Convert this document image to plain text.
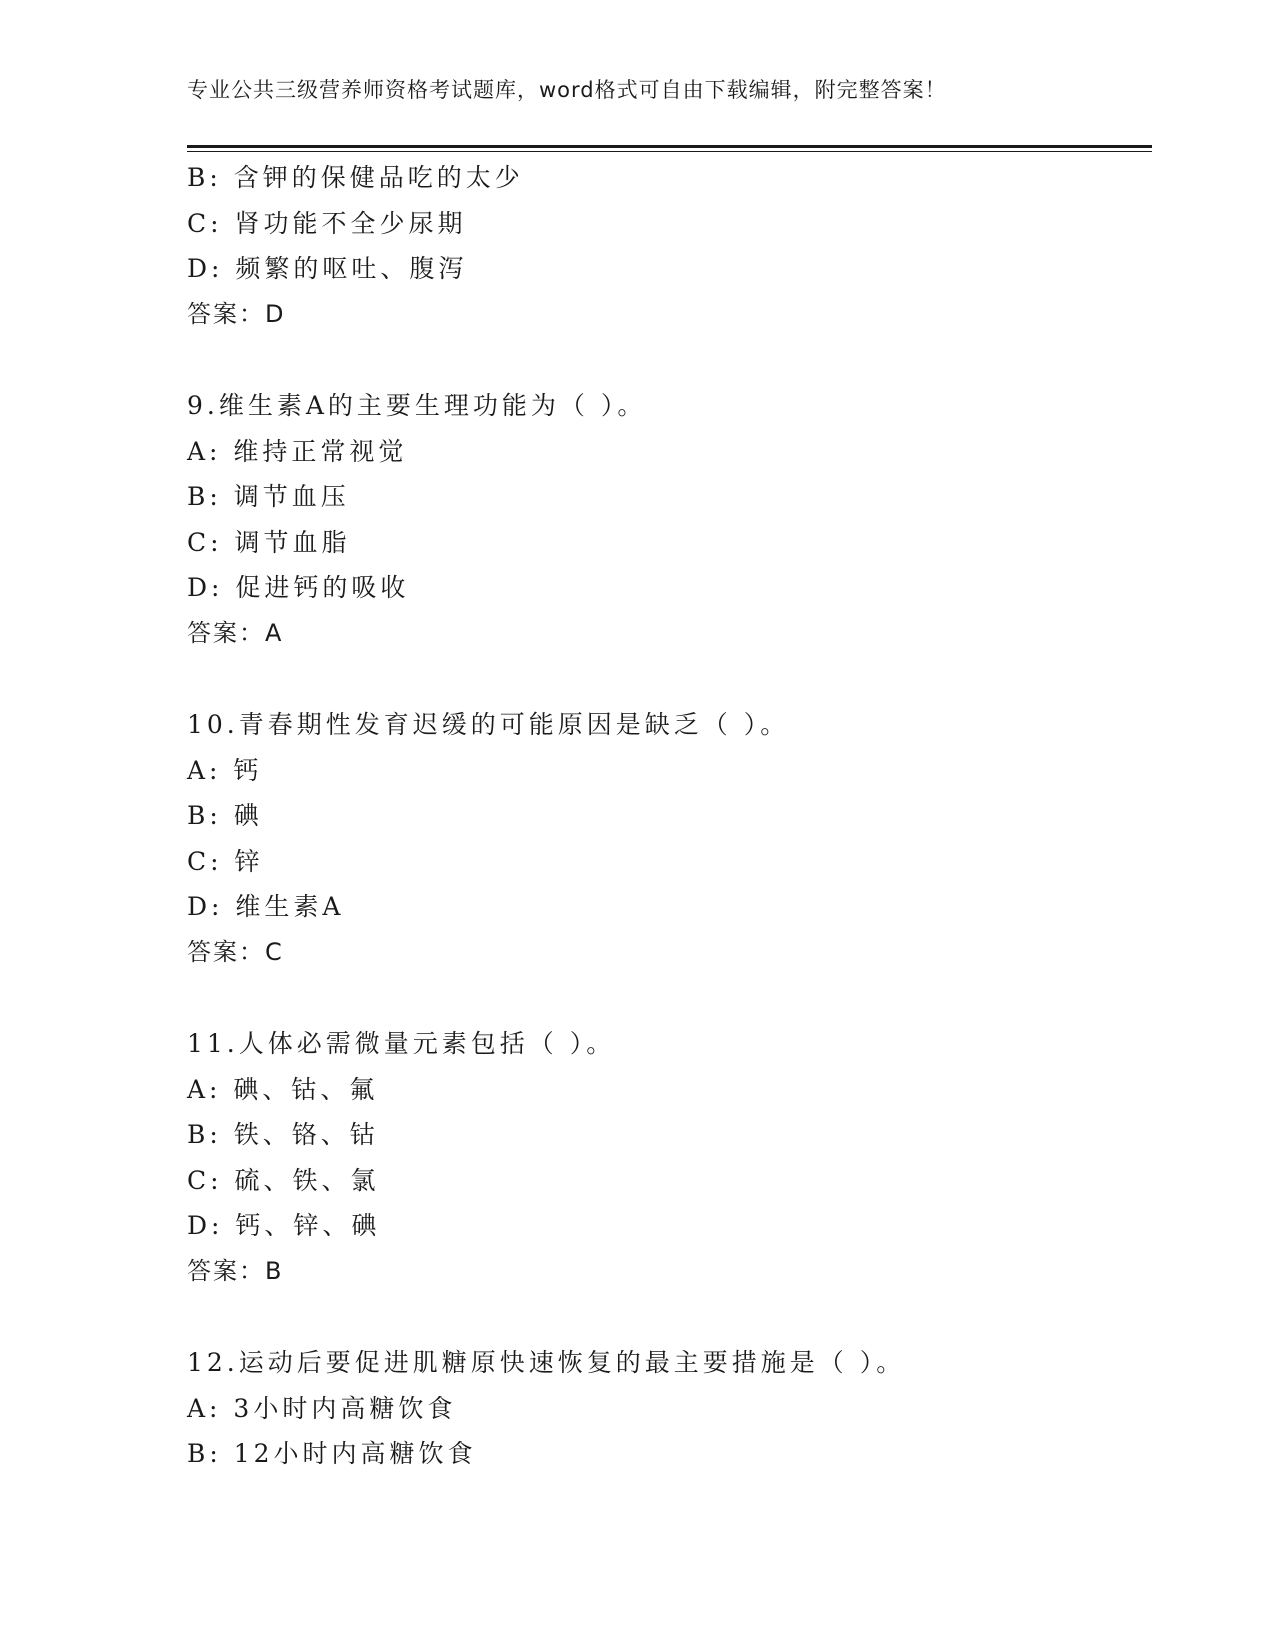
专业公共三级营养师资格考试题库，word格式可自由下载编辑，附完整答案！
B: 含钾的保健品吃的太少
C: 肾功能不全少尿期
D: 频繁的呕吐、腹泻
答案：D
9.维生素A的主要生理功能为（ ）。
A: 维持正常视觉
B: 调节血压
C: 调节血脂
D: 促进钙的吸收
答案：A
10.青春期性发育迟缓的可能原因是缺乏（ ）。
A: 钙
B: 碘
C: 锌
D: 维生素A
答案：C
11.人体必需微量元素包括（ ）。
A: 碘、钴、氟
B: 铁、铬、钴
C: 硫、铁、氯
D: 钙、锌、碘
答案：B
12.运动后要促进肌糖原快速恢复的最主要措施是（ ）。
A: 3小时内高糖饮食
B: 12小时内高糖饮食
